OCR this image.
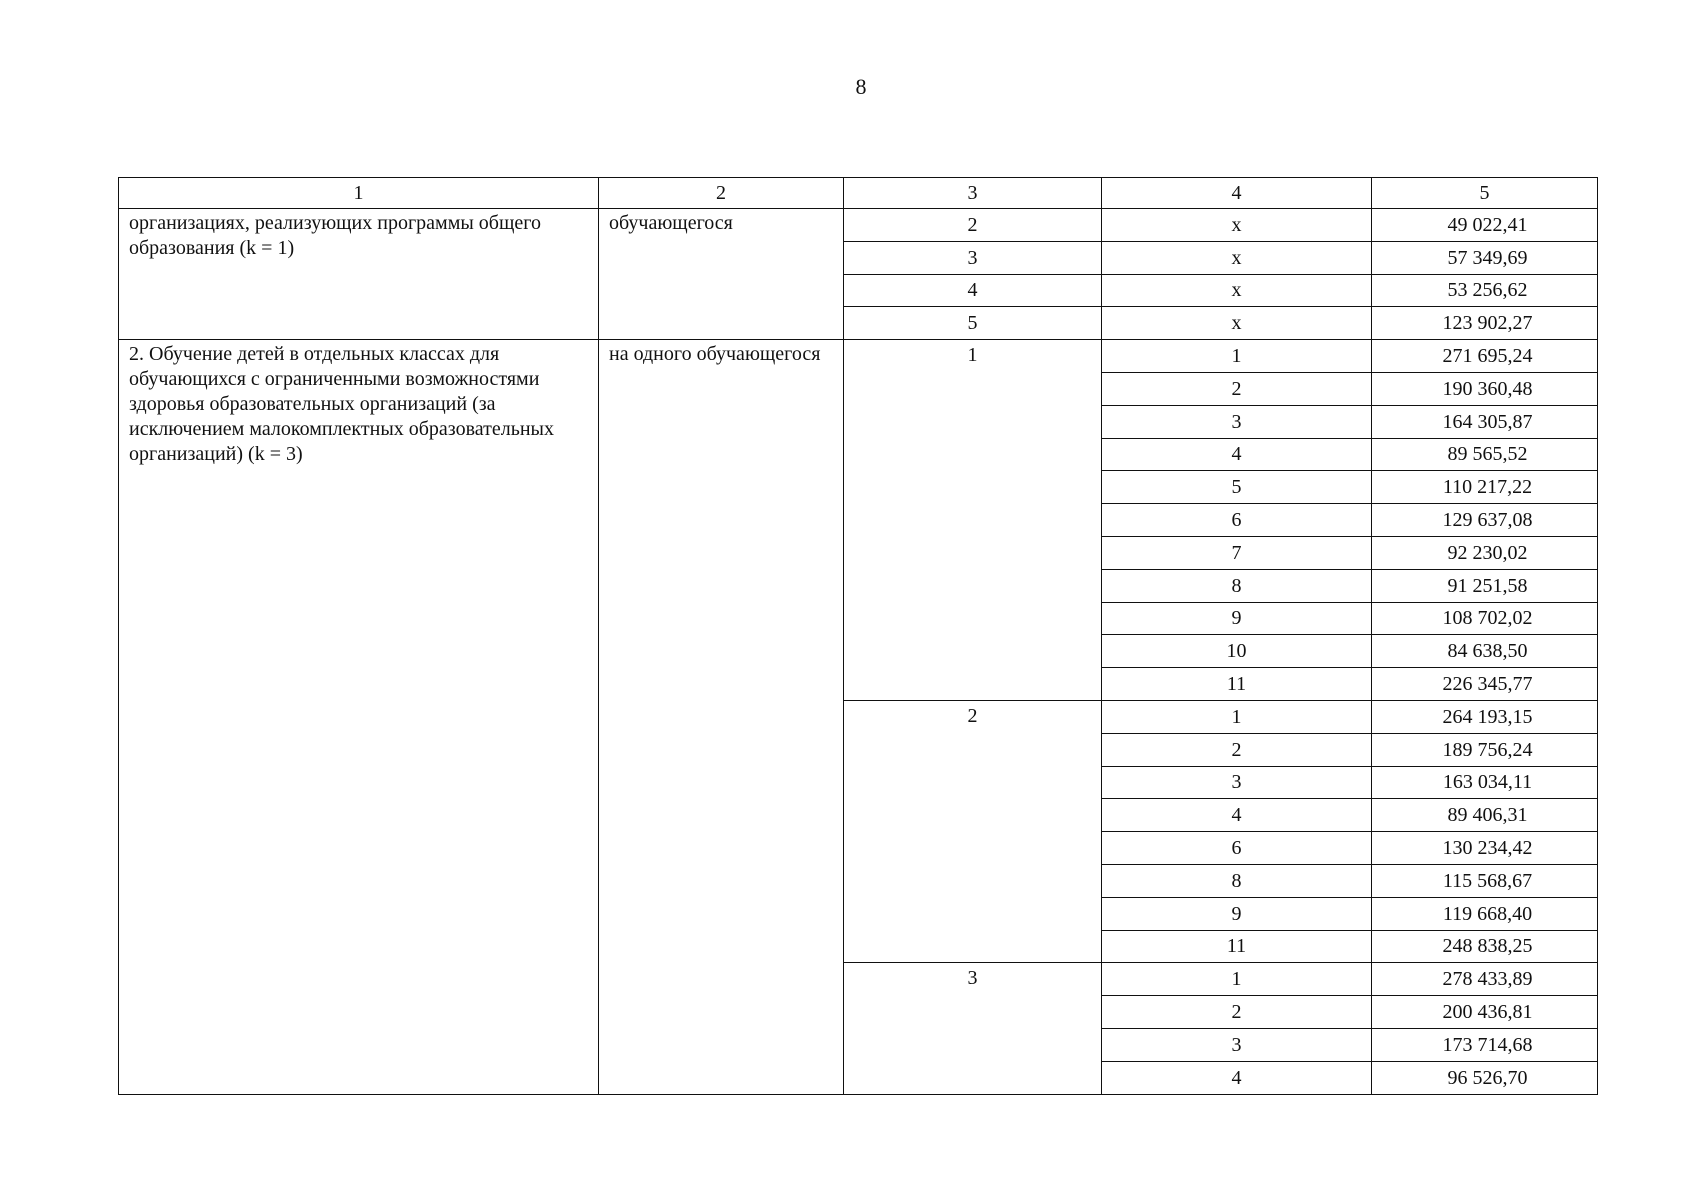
8
1	2	3	4	5
организациях, реализующих программы общего образования (k = 1)	обучающегося	2	x	49 022,41
		3	x	57 349,69
		4	x	53 256,62
		5	x	123 902,27
2. Обучение детей в отдельных классах для обучающихся с ограниченными возможностями здоровья образовательных организаций (за исключением малокомплектных образовательных организаций) (k = 3)	на одного обучающегося	1	1	271 695,24
			2	190 360,48
			3	164 305,87
			4	89 565,52
			5	110 217,22
			6	129 637,08
			7	92 230,02
			8	91 251,58
			9	108 702,02
			10	84 638,50
			11	226 345,77
		2	1	264 193,15
			2	189 756,24
			3	163 034,11
			4	89 406,31
			6	130 234,42
			8	115 568,67
			9	119 668,40
			11	248 838,25
		3	1	278 433,89
			2	200 436,81
			3	173 714,68
			4	96 526,70
